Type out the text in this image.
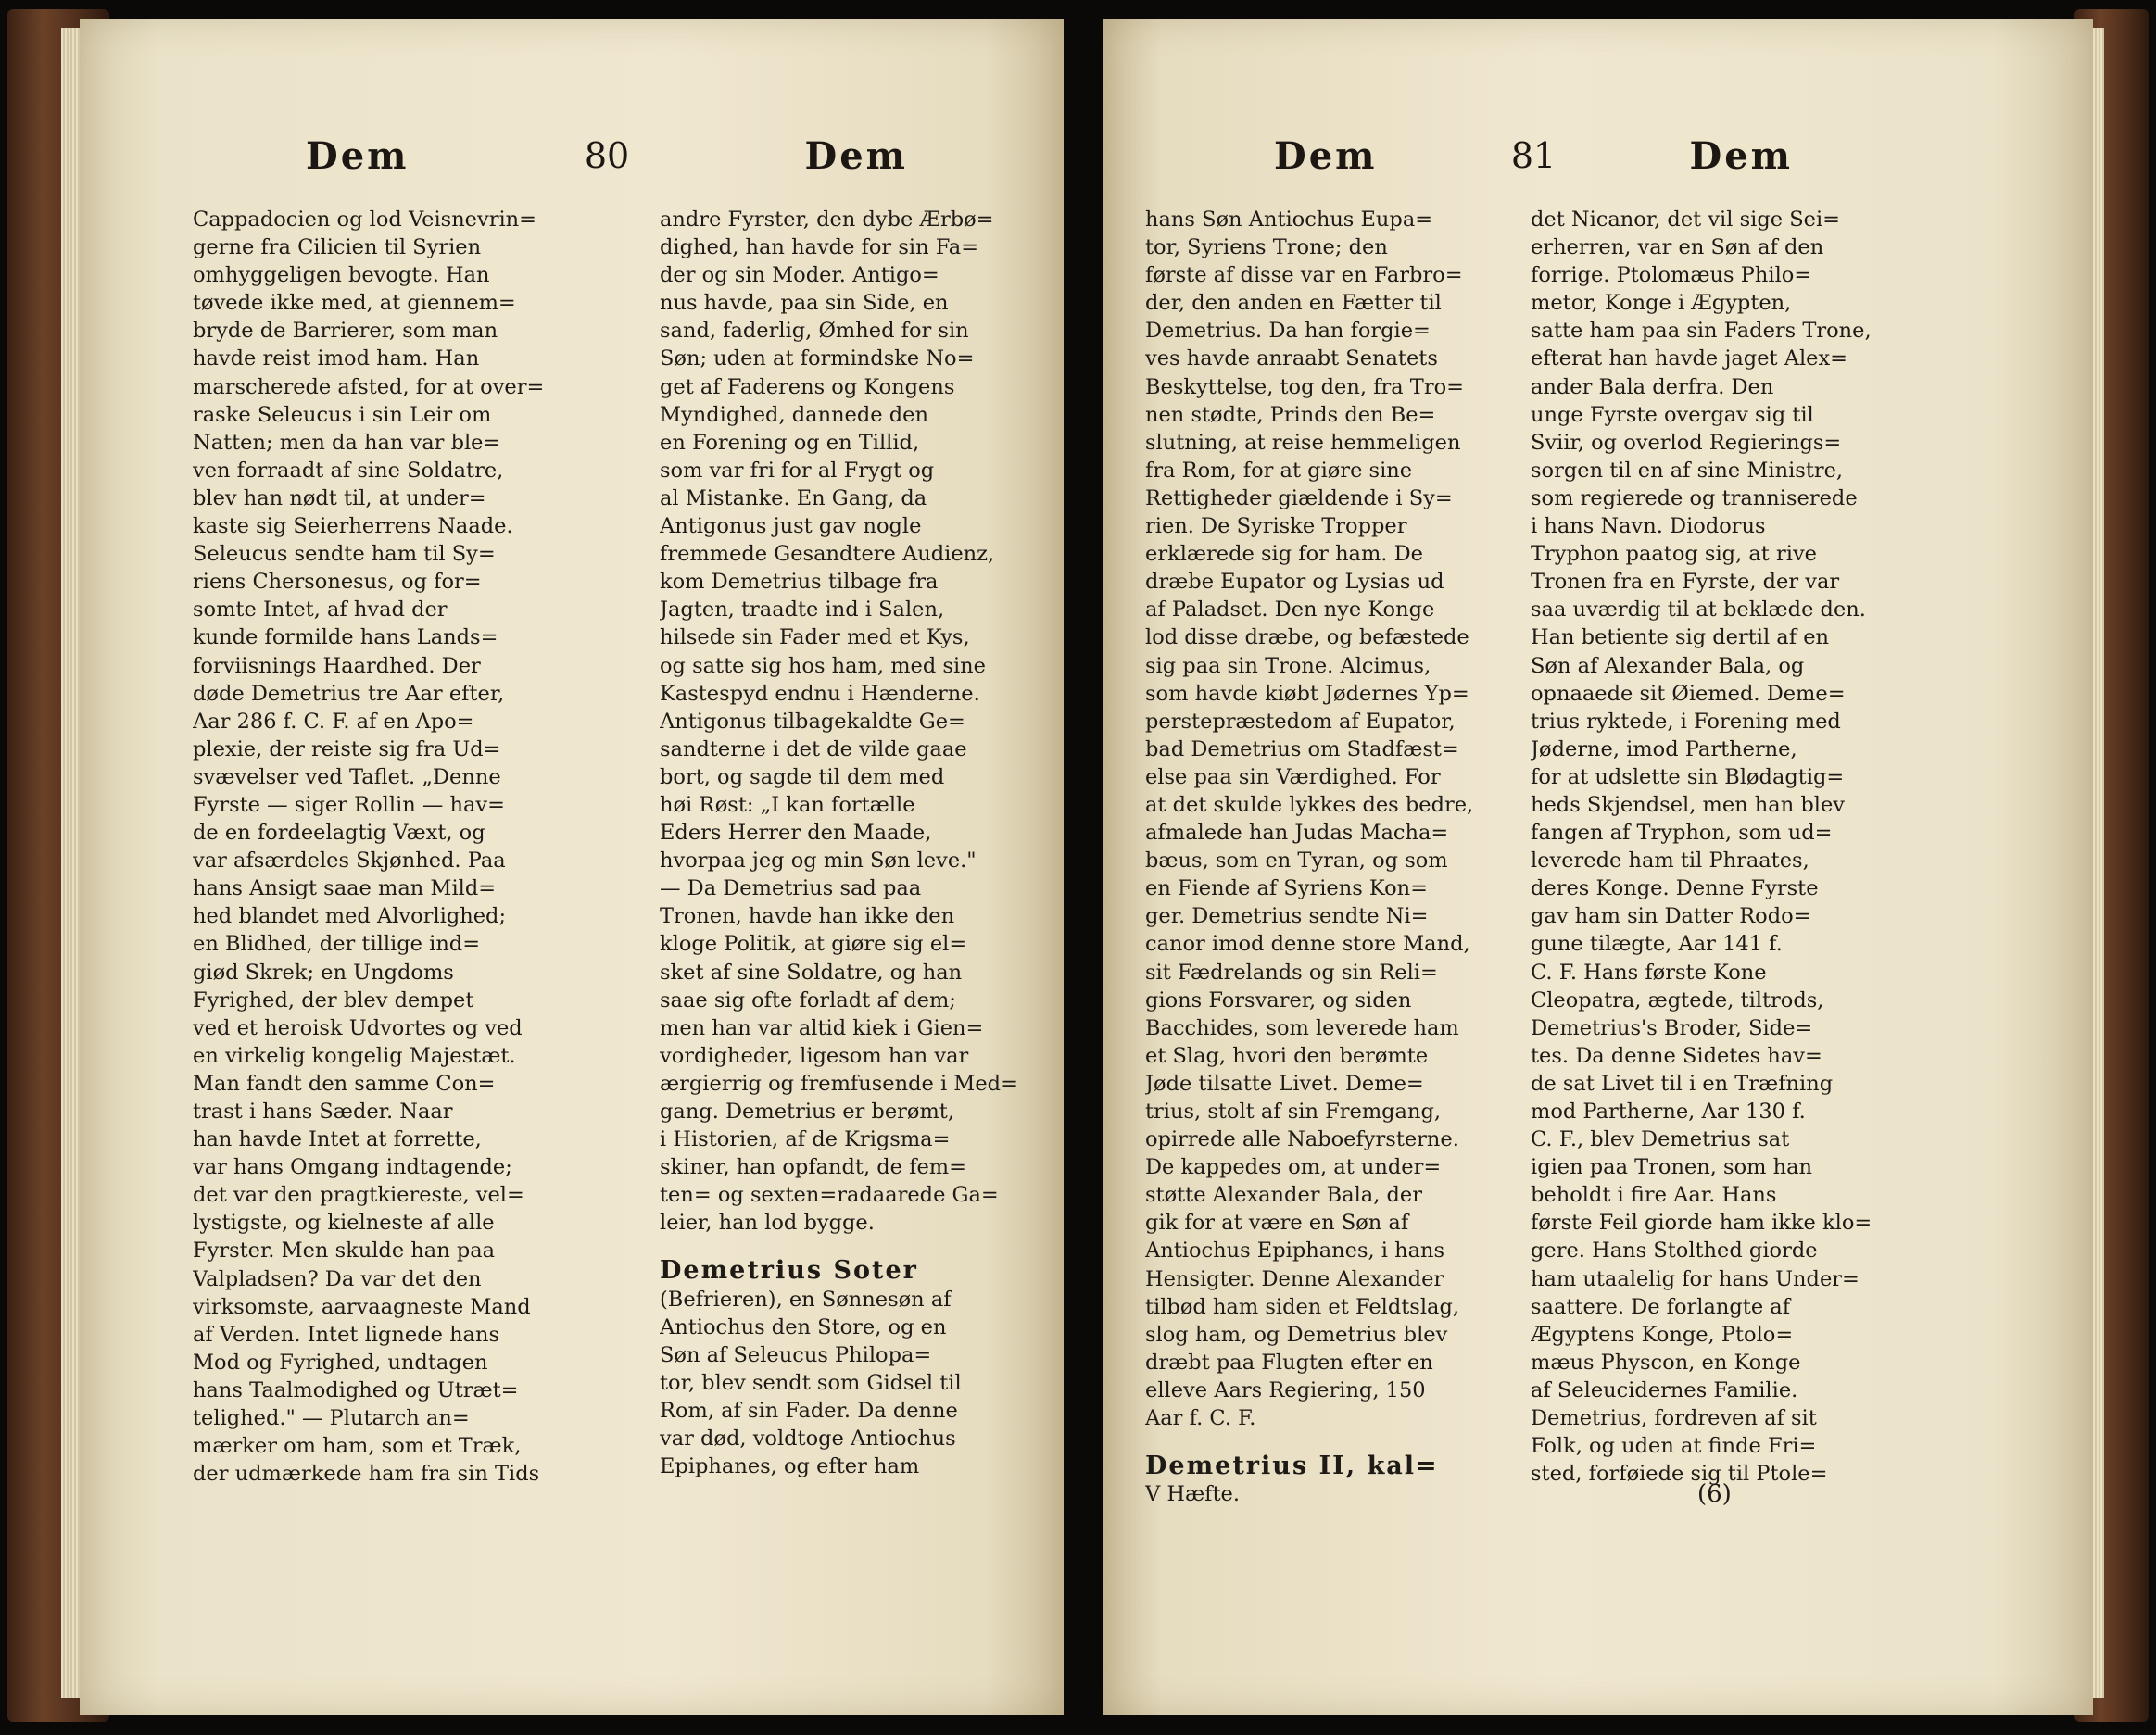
Dem	80	Dem	Dem	81	Dem
Cappadocien og lod Veisnevrin=
gerne fra Cilicien til Syrien
omhyggeligen bevogte. Han
tøvede ikke med, at giennem=
bryde de Barrierer, som man
havde reist imod ham. Han
marscherede afsted, for at over=
raske Seleucus i sin Leir om
Natten; men da han var ble=
ven forraadt af sine Soldatre,
blev han nødt til, at under=
kaste sig Seierherrens Naade.
Seleucus sendte ham til Sy=
riens Chersonesus, og for=
somte Intet, af hvad der
kunde formilde hans Lands=
forviisnings Haardhed. Der
døde Demetrius tre Aar efter,
Aar 286 f. C. F. af en Apo=
plexie, der reiste sig fra Ud=
svævelser ved Taflet. „Denne
Fyrste — siger Rollin — hav=
de en fordeelagtig Væxt, og
var afsærdeles Skjønhed. Paa
hans Ansigt saae man Mild=
hed blandet med Alvorlighed;
en Blidhed, der tillige ind=
giød Skrek; en Ungdoms
Fyrighed, der blev dempet
ved et heroisk Udvortes og ved
en virkelig kongelig Majestæt.
Man fandt den samme Con=
trast i hans Sæder. Naar
han havde Intet at forrette,
var hans Omgang indtagende;
det var den pragtkiereste, vel=
lystigste, og kielneste af alle
Fyrster. Men skulde han paa
Valpladsen? Da var det den
virksomste, aarvaagneste Mand
af Verden. Intet lignede hans
Mod og Fyrighed, undtagen
hans Taalmodighed og Utræt=
telighed." — Plutarch an=
mærker om ham, som et Træk,
der udmærkede ham fra sin Tids
andre Fyrster, den dybe Ærbø=
dighed, han havde for sin Fa=
der og sin Moder. Antigo=
nus havde, paa sin Side, en
sand, faderlig, Ømhed for sin
Søn; uden at formindske No=
get af Faderens og Kongens
Myndighed, dannede den
en Forening og en Tillid,
som var fri for al Frygt og
al Mistanke. En Gang, da
Antigonus just gav nogle
fremmede Gesandtere Audienz,
kom Demetrius tilbage fra
Jagten, traadte ind i Salen,
hilsede sin Fader med et Kys,
og satte sig hos ham, med sine
Kastespyd endnu i Hænderne.
Antigonus tilbagekaldte Ge=
sandterne i det de vilde gaae
bort, og sagde til dem med
høi Røst: „I kan fortælle
Eders Herrer den Maade,
hvorpaa jeg og min Søn leve."
— Da Demetrius sad paa
Tronen, havde han ikke den
kloge Politik, at giøre sig el=
sket af sine Soldatre, og han
saae sig ofte forladt af dem;
men han var altid kiek i Gien=
vordigheder, ligesom han var
ærgierrig og fremfusende i Med=
gang. Demetrius er berømt,
i Historien, af de Krigsma=
skiner, han opfandt, de fem=
ten= og sexten=radaarede Ga=
leier, han lod bygge.
Demetrius Soter
(Befrieren), en Sønnesøn af
Antiochus den Store, og en
Søn af Seleucus Philopa=
tor, blev sendt som Gidsel til
Rom, af sin Fader. Da denne
var død, voldtoge Antiochus
Epiphanes, og efter ham
hans Søn Antiochus Eupa=
tor, Syriens Trone; den
første af disse var en Farbro=
der, den anden en Fætter til
Demetrius. Da han forgie=
ves havde anraabt Senatets
Beskyttelse, tog den, fra Tro=
nen stødte, Prinds den Be=
slutning, at reise hemmeligen
fra Rom, for at giøre sine
Rettigheder giældende i Sy=
rien. De Syriske Tropper
erklærede sig for ham. De
dræbe Eupator og Lysias ud
af Paladset. Den nye Konge
lod disse dræbe, og befæstede
sig paa sin Trone. Alcimus,
som havde kiøbt Jødernes Yp=
perstepræstedom af Eupator,
bad Demetrius om Stadfæst=
else paa sin Værdighed. For
at det skulde lykkes des bedre,
afmalede han Judas Macha=
bæus, som en Tyran, og som
en Fiende af Syriens Kon=
ger. Demetrius sendte Ni=
canor imod denne store Mand,
sit Fædrelands og sin Reli=
gions Forsvarer, og siden
Bacchides, som leverede ham
et Slag, hvori den berømte
Jøde tilsatte Livet. Deme=
trius, stolt af sin Fremgang,
opirrede alle Naboefyrsterne.
De kappedes om, at under=
støtte Alexander Bala, der
gik for at være en Søn af
Antiochus Epiphanes, i hans
Hensigter. Denne Alexander
tilbød ham siden et Feldtslag,
slog ham, og Demetrius blev
dræbt paa Flugten efter en
elleve Aars Regiering, 150
Aar f. C. F.
Demetrius II, kal=
V Hæfte.
det Nicanor, det vil sige Sei=
erherren, var en Søn af den
forrige. Ptolomæus Philo=
metor, Konge i Ægypten,
satte ham paa sin Faders Trone,
efterat han havde jaget Alex=
ander Bala derfra. Den
unge Fyrste overgav sig til
Sviir, og overlod Regierings=
sorgen til en af sine Ministre,
som regierede og tranniserede
i hans Navn. Diodorus
Tryphon paatog sig, at rive
Tronen fra en Fyrste, der var
saa uværdig til at beklæde den.
Han betiente sig dertil af en
Søn af Alexander Bala, og
opnaaede sit Øiemed. Deme=
trius ryktede, i Forening med
Jøderne, imod Partherne,
for at udslette sin Blødagtig=
heds Skjendsel, men han blev
fangen af Tryphon, som ud=
leverede ham til Phraates,
deres Konge. Denne Fyrste
gav ham sin Datter Rodo=
gune tilægte, Aar 141 f.
C. F. Hans første Kone
Cleopatra, ægtede, tiltrods,
Demetrius's Broder, Side=
tes. Da denne Sidetes hav=
de sat Livet til i en Træfning
mod Partherne, Aar 130 f.
C. F., blev Demetrius sat
igien paa Tronen, som han
beholdt i fire Aar. Hans
første Feil giorde ham ikke klo=
gere. Hans Stolthed giorde
ham utaalelig for hans Under=
saattere. De forlangte af
Ægyptens Konge, Ptolo=
mæus Physcon, en Konge
af Seleucidernes Familie.
Demetrius, fordreven af sit
Folk, og uden at finde Fri=
sted, forføiede sig til Ptole=
(6)
